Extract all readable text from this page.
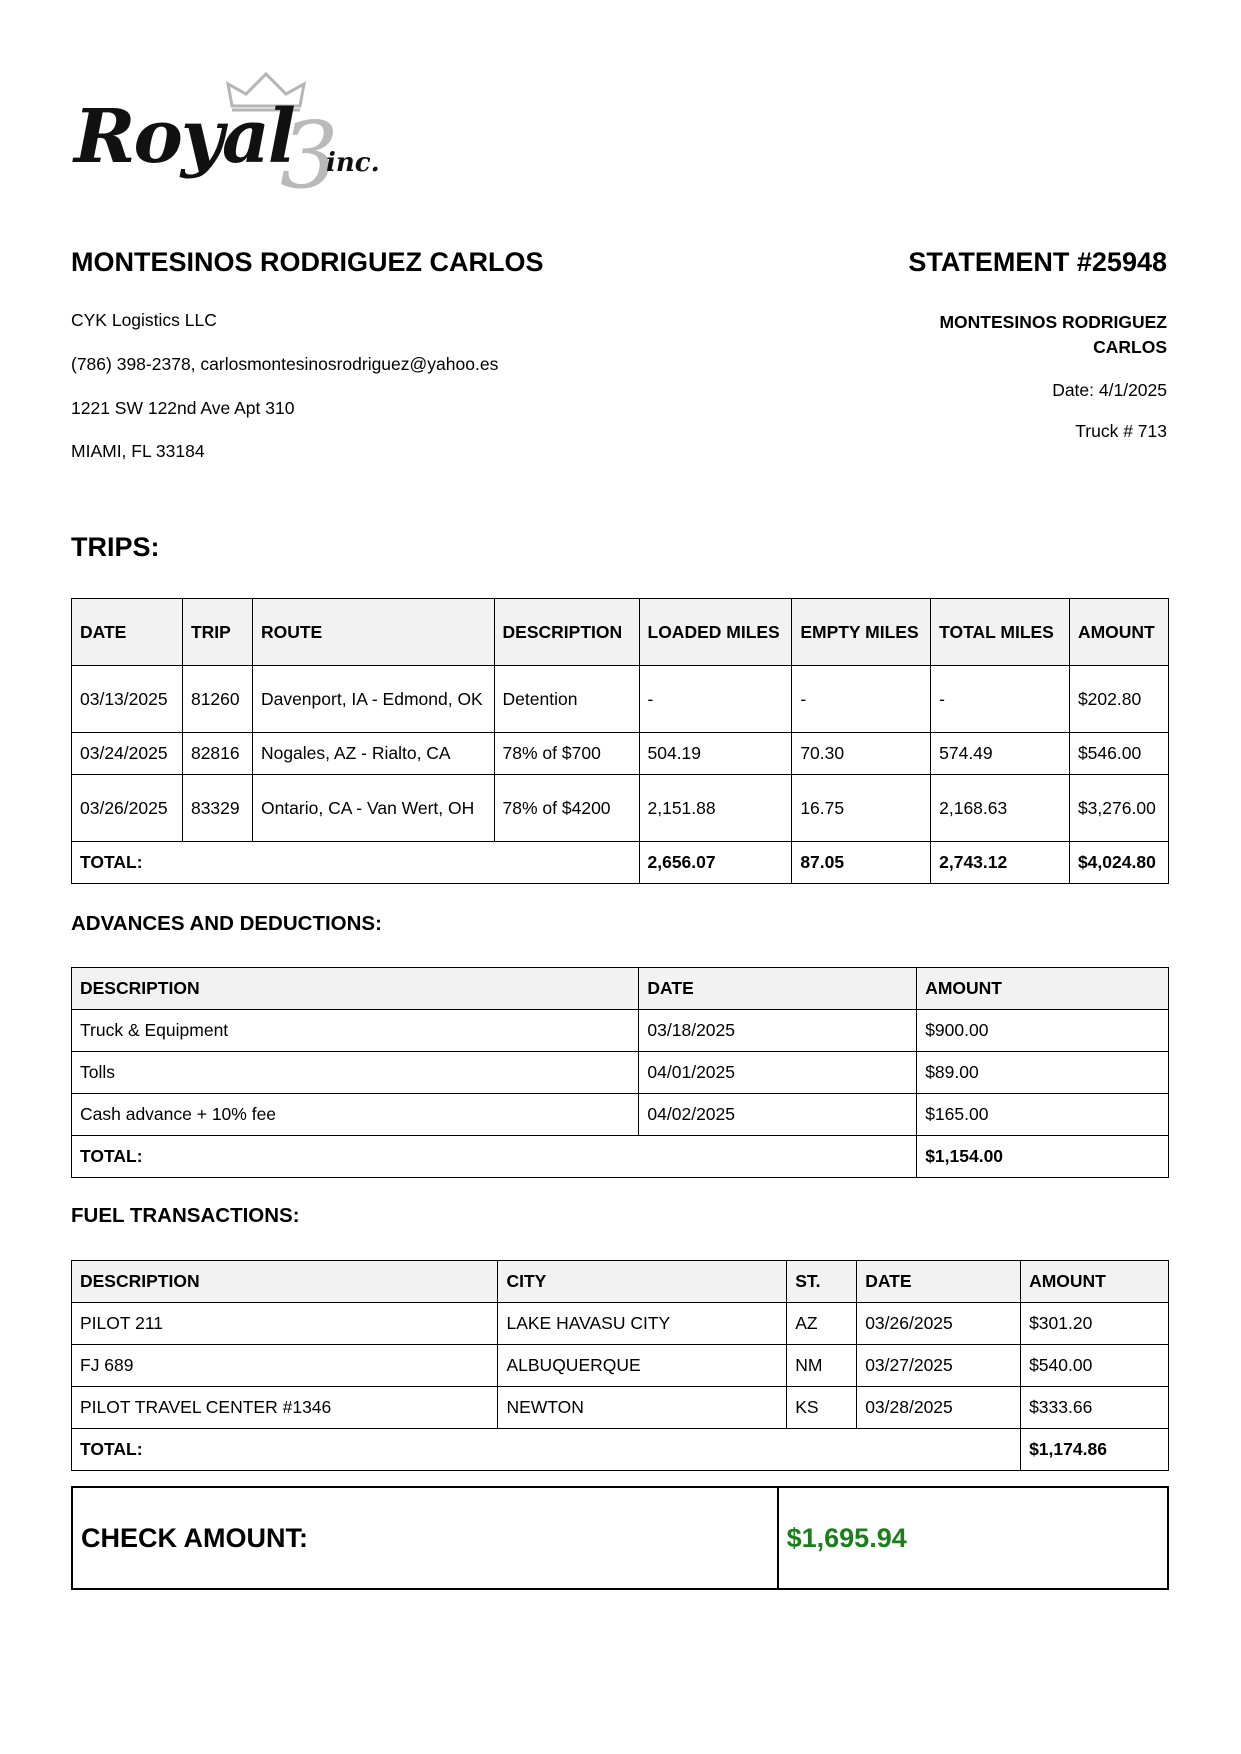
Royal
3
inc.
MONTESINOS RODRIGUEZ CARLOS	STATEMENT #25948
CYK Logistics LLC
(786) 398-2378, carlosmontesinosrodriguez@yahoo.es
1221 SW 122nd Ave Apt 310
MIAMI, FL 33184
MONTESINOS RODRIGUEZ
CARLOS
Date: 4/1/2025
Truck # 713
TRIPS:
DATE	TRIP	ROUTE	DESCRIPTION	LOADED MILES	EMPTY MILES	TOTAL MILES	AMOUNT
03/13/2025	81260	Davenport, IA - Edmond, OK	Detention	-	-	-	$202.80
03/24/2025	82816	Nogales, AZ - Rialto, CA	78% of $700	504.19	70.30	574.49	$546.00
03/26/2025	83329	Ontario, CA - Van Wert, OH	78% of $4200	2,151.88	16.75	2,168.63	$3,276.00
TOTAL:				2,656.07	87.05	2,743.12	$4,024.80
ADVANCES AND DEDUCTIONS:
DESCRIPTION	DATE	AMOUNT
Truck & Equipment	03/18/2025	$900.00
Tolls	04/01/2025	$89.00
Cash advance + 10% fee	04/02/2025	$165.00
TOTAL:		$1,154.00
FUEL TRANSACTIONS:
DESCRIPTION	CITY	ST.	DATE	AMOUNT
PILOT 211	LAKE HAVASU CITY	AZ	03/26/2025	$301.20
FJ 689	ALBUQUERQUE	NM	03/27/2025	$540.00
PILOT TRAVEL CENTER #1346	NEWTON	KS	03/28/2025	$333.66
TOTAL:				$1,174.86
CHECK AMOUNT:	$1,695.94
